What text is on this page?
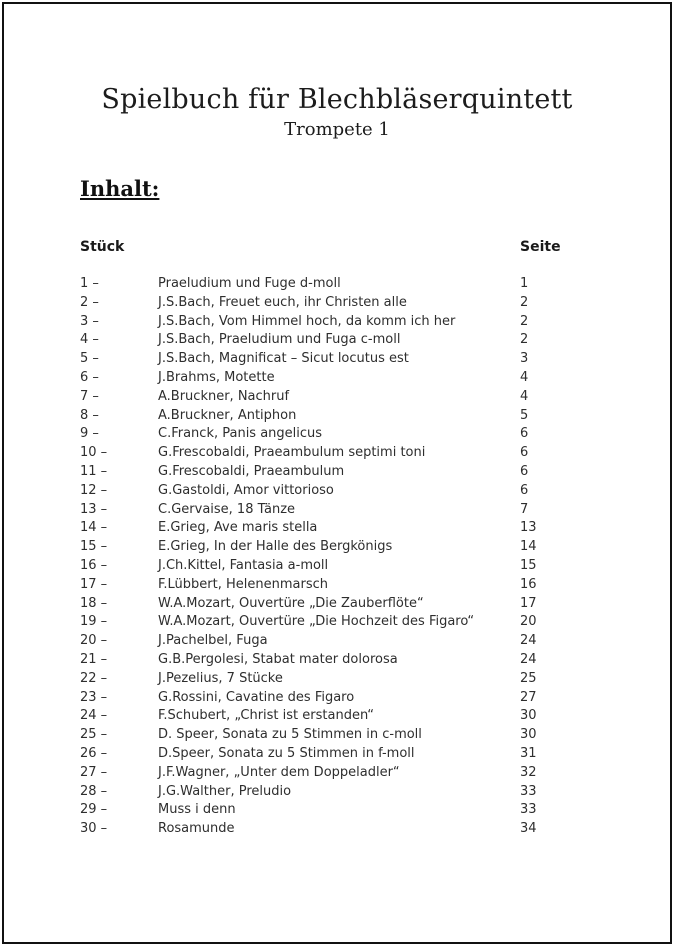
Spielbuch für Blechbläserquintett
Trompete 1
Inhalt:
Stück	Seite
1 –	Praeludium und Fuge d-moll	1
2 –	J.S.Bach, Freuet euch, ihr Christen alle	2
3 –	J.S.Bach, Vom Himmel hoch, da komm ich her	2
4 –	J.S.Bach, Praeludium und Fuga c-moll	2
5 –	J.S.Bach, Magnificat – Sicut locutus est	3
6 –	J.Brahms, Motette	4
7 –	A.Bruckner, Nachruf	4
8 –	A.Bruckner, Antiphon	5
9 –	C.Franck, Panis angelicus	6
10 –	G.Frescobaldi, Praeambulum septimi toni	6
11 –	G.Frescobaldi, Praeambulum	6
12 –	G.Gastoldi, Amor vittorioso	6
13 –	C.Gervaise, 18 Tänze	7
14 –	E.Grieg, Ave maris stella	13
15 –	E.Grieg, In der Halle des Bergkönigs	14
16 –	J.Ch.Kittel, Fantasia a-moll	15
17 –	F.Lübbert, Helenenmarsch	16
18 –	W.A.Mozart, Ouvertüre „Die Zauberflöte“	17
19 –	W.A.Mozart, Ouvertüre „Die Hochzeit des Figaro“	20
20 –	J.Pachelbel, Fuga	24
21 –	G.B.Pergolesi, Stabat mater dolorosa	24
22 –	J.Pezelius, 7 Stücke	25
23 –	G.Rossini, Cavatine des Figaro	27
24 –	F.Schubert, „Christ ist erstanden“	30
25 –	D. Speer, Sonata zu 5 Stimmen in c-moll	30
26 –	D.Speer, Sonata zu 5 Stimmen in f-moll	31
27 –	J.F.Wagner, „Unter dem Doppeladler“	32
28 –	J.G.Walther, Preludio	33
29 –	Muss i denn	33
30 –	Rosamunde	34
